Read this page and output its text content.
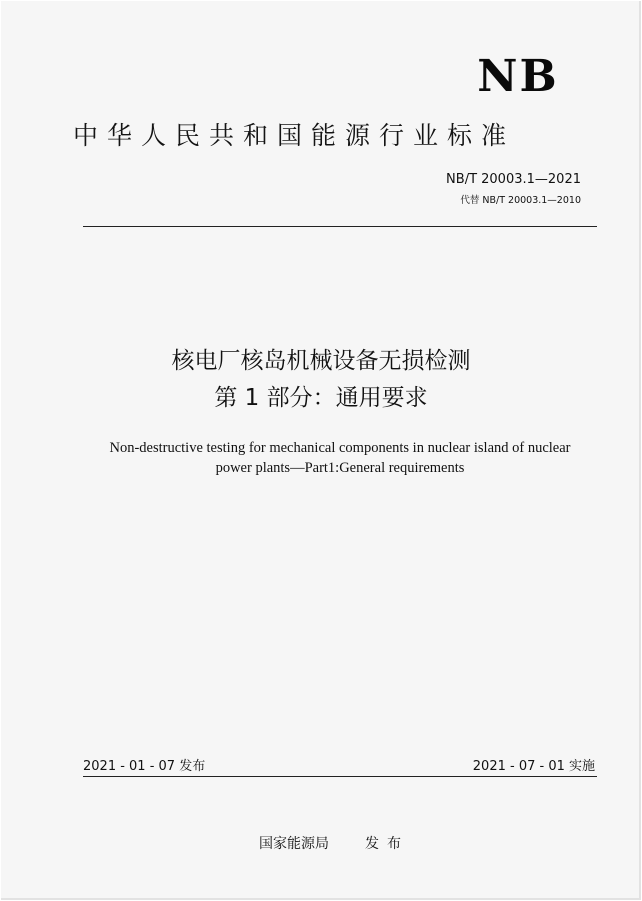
NB
中华人民共和国能源行业标准
NB/T 20003.1—2021
代替 NB/T 20003.1—2010
核电厂核岛机械设备无损检测
第 1 部分：通用要求
Non-destructive testing for mechanical components in nuclear island of nuclear
power plants—Part1:General requirements
2021 - 01 - 07 发布	2021 - 07 - 01 实施
国家能源局	发布
